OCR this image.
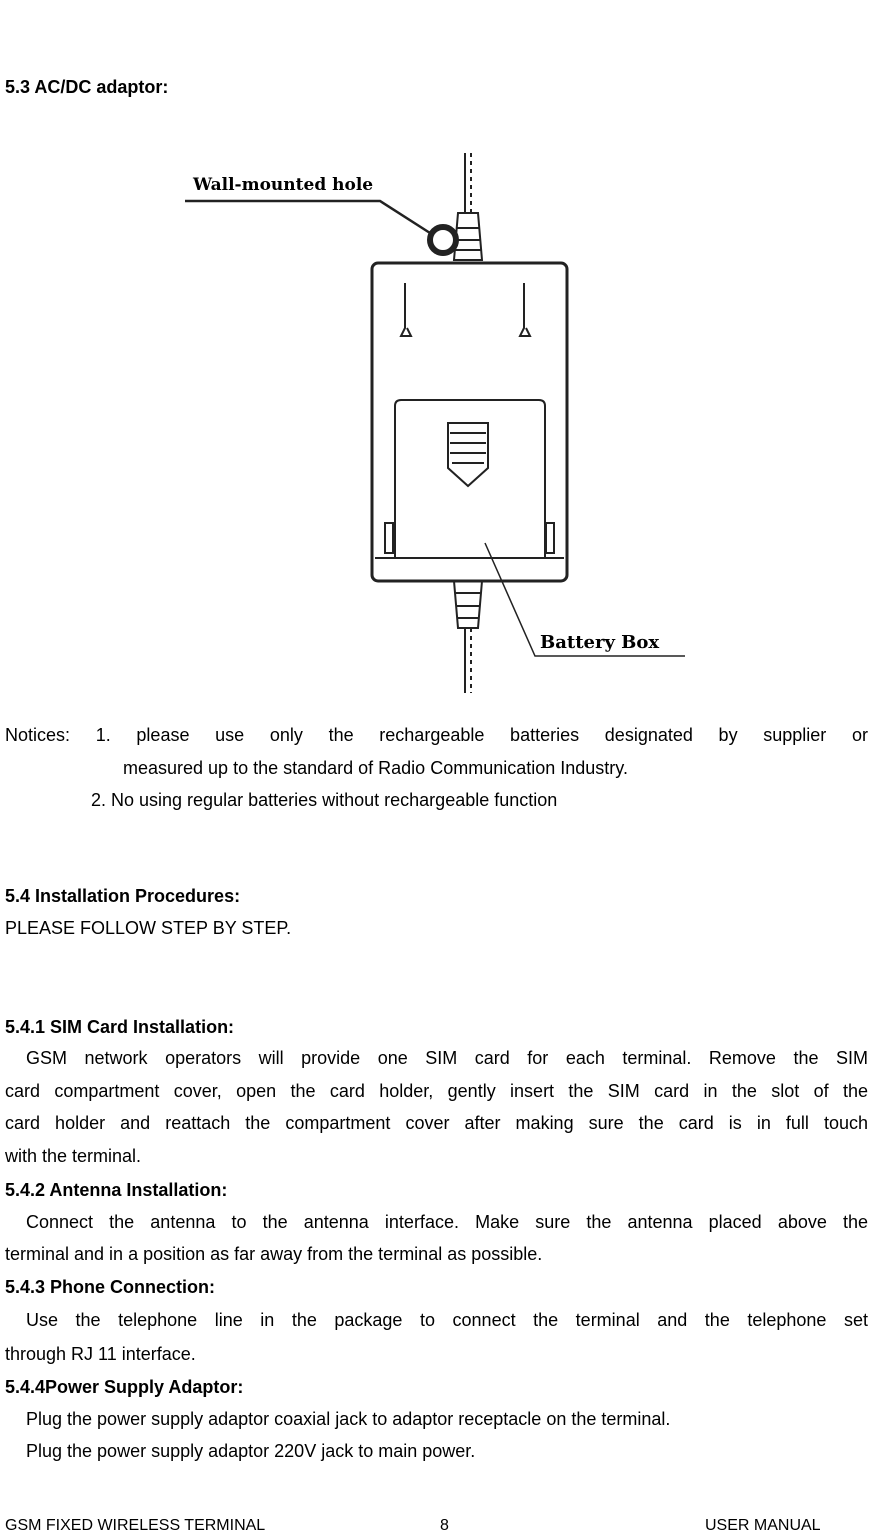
5.3 AC/DC adaptor:
Wall-mounted hole
Battery Box
Notices: 1. please use only the rechargeable batteries designated by supplier or
measured up to the standard of Radio Communication Industry.
2. No using regular batteries without rechargeable function
5.4 Installation Procedures:
PLEASE FOLLOW STEP BY STEP.
5.4.1 SIM Card Installation:
GSM network operators will provide one SIM card for each terminal. Remove the SIM
card compartment cover, open the card holder, gently insert the SIM card in the slot of the
card holder and reattach the compartment cover after making sure the card is in full touch
with the terminal.
5.4.2 Antenna Installation:
Connect the antenna to the antenna interface. Make sure the antenna placed above the
terminal and in a position as far away from the terminal as possible.
5.4.3 Phone Connection:
Use the telephone line in the package to connect the terminal and the telephone set
through RJ 11 interface.
5.4.4Power Supply Adaptor:
Plug the power supply adaptor coaxial jack to adaptor receptacle on the terminal.
Plug the power supply adaptor 220V jack to main power.
GSM FIXED WIRELESS TERMINAL	8	USER MANUAL
